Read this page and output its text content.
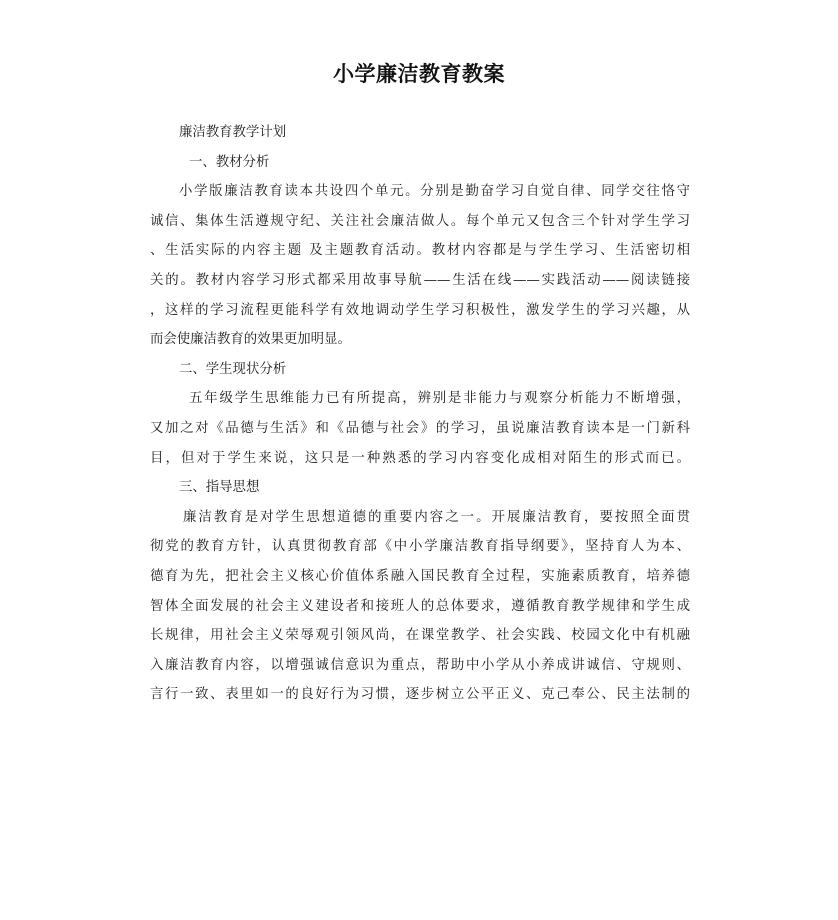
小学廉洁教育教案
廉洁教育教学计划
一、教材分析
小学版廉洁教育读本共设四个单元。分别是勤奋学习自觉自律、同学交往恪守
诚信、集体生活遵规守纪、关注社会廉洁做人。每个单元又包含三个针对学生学习
、生活实际的内容主题 及主题教育活动。教材内容都是与学生学习、生活密切相
关的。教材内容学习形式都采用故事导航——生活在线——实践活动——阅读链接
，这样的学习流程更能科学有效地调动学生学习积极性，激发学生的学习兴趣，从
而会使廉洁教育的效果更加明显。
二、学生现状分析
五年级学生思维能力已有所提高，辨别是非能力与观察分析能力不断增强，
又加之对《品德与生活》和《品德与社会》的学习，虽说廉洁教育读本是一门新科
目，但对于学生来说，这只是一种熟悉的学习内容变化成相对陌生的形式而已。
三、指导思想
廉洁教育是对学生思想道德的重要内容之一。开展廉洁教育，要按照全面贯
彻党的教育方针，认真贯彻教育部《中小学廉洁教育指导纲要》，坚持育人为本、
德育为先，把社会主义核心价值体系融入国民教育全过程，实施素质教育，培养德
智体全面发展的社会主义建设者和接班人的总体要求，遵循教育教学规律和学生成
长规律，用社会主义荣辱观引领风尚，在课堂教学、社会实践、校园文化中有机融
入廉洁教育内容，以增强诚信意识为重点，帮助中小学从小养成讲诚信、守规则、
言行一致、表里如一的良好行为习惯，逐步树立公平正义、克己奉公、民主法制的
